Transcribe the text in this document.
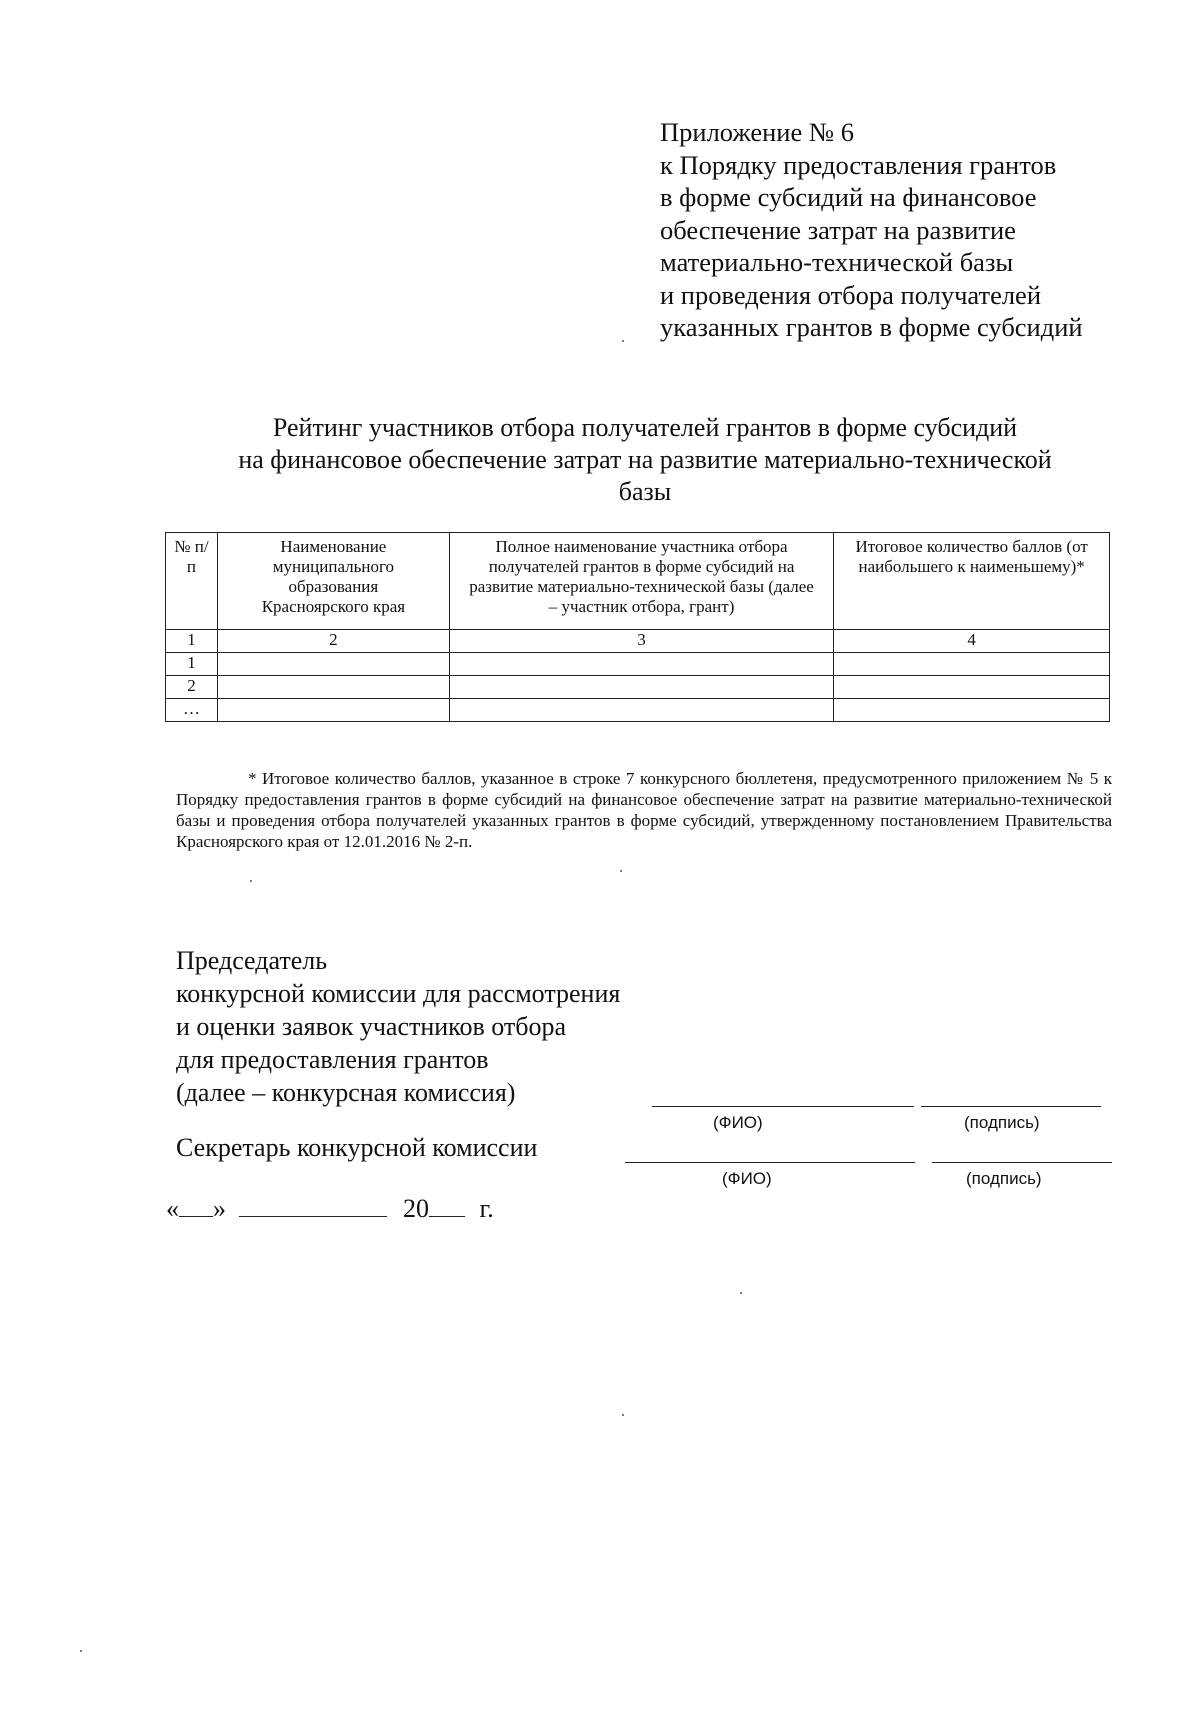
Приложение № 6
к Порядку предоставления грантов
в форме субсидий на финансовое
обеспечение затрат на развитие
материально-технической базы
и проведения отбора получателей
указанных грантов в форме субсидий
Рейтинг участников отбора получателей грантов в форме субсидий
на финансовое обеспечение затрат на развитие материально-технической
базы
№ п/п	Наименование муниципального образования Красноярского края	Полное наименование участника отбора получателей грантов в форме субсидий на развитие материально-технической базы (далее – участник отбора, грант)	Итоговое количество баллов (от наибольшего к наименьшему)*
1	2	3	4
1			
2			
…			
* Итоговое количество баллов, указанное в строке 7 конкурсного бюллетеня, предусмотренного приложением № 5 к Порядку предоставления грантов в форме субсидий на финансовое обеспечение затрат на развитие материально-технической базы и проведения отбора получателей указанных грантов в форме субсидий, утвержденному постановлением Правительства Красноярского края от 12.01.2016 № 2-п.
Председатель
конкурсной комиссии для рассмотрения
и оценки заявок участников отбора
для предоставления грантов
(далее – конкурсная комиссия)
(ФИО)	(подпись)
Секретарь конкурсной комиссии
(ФИО)	(подпись)
« »	20 г.
